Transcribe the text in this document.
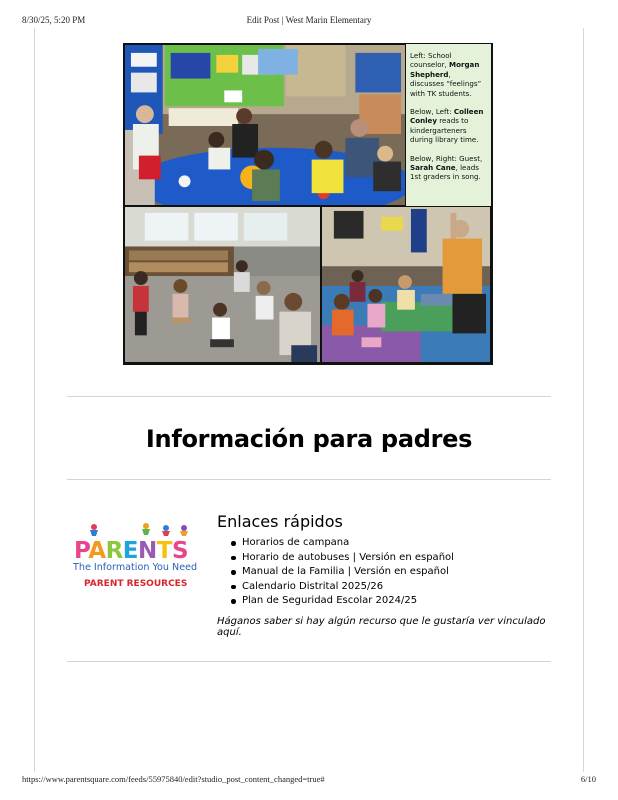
8/30/25, 5:20 PM	Edit Post | West Marin Elementary

Left: School counselor, Morgan Shepherd, discusses “feelings” with TK students.

Below, Left: Colleen Conley reads to kindergarteners during library time.

Below, Right: Guest, Sarah Cane, leads 1st graders in song.

Información para padres
PARENTS
The Information You Need!
PARENT RESOURCES
Enlaces rápidos
Horarios de campana
Horario de autobuses | Versión en español
Manual de la Familia | Versión en español
Calendario Distrital 2025/26
Plan de Seguridad Escolar 2024/25

Háganos saber si hay algún recurso que le gustaría ver vinculado aquí.

https://www.parentsquare.com/feeds/55975840/edit?studio_post_content_changed=true#	6/10
